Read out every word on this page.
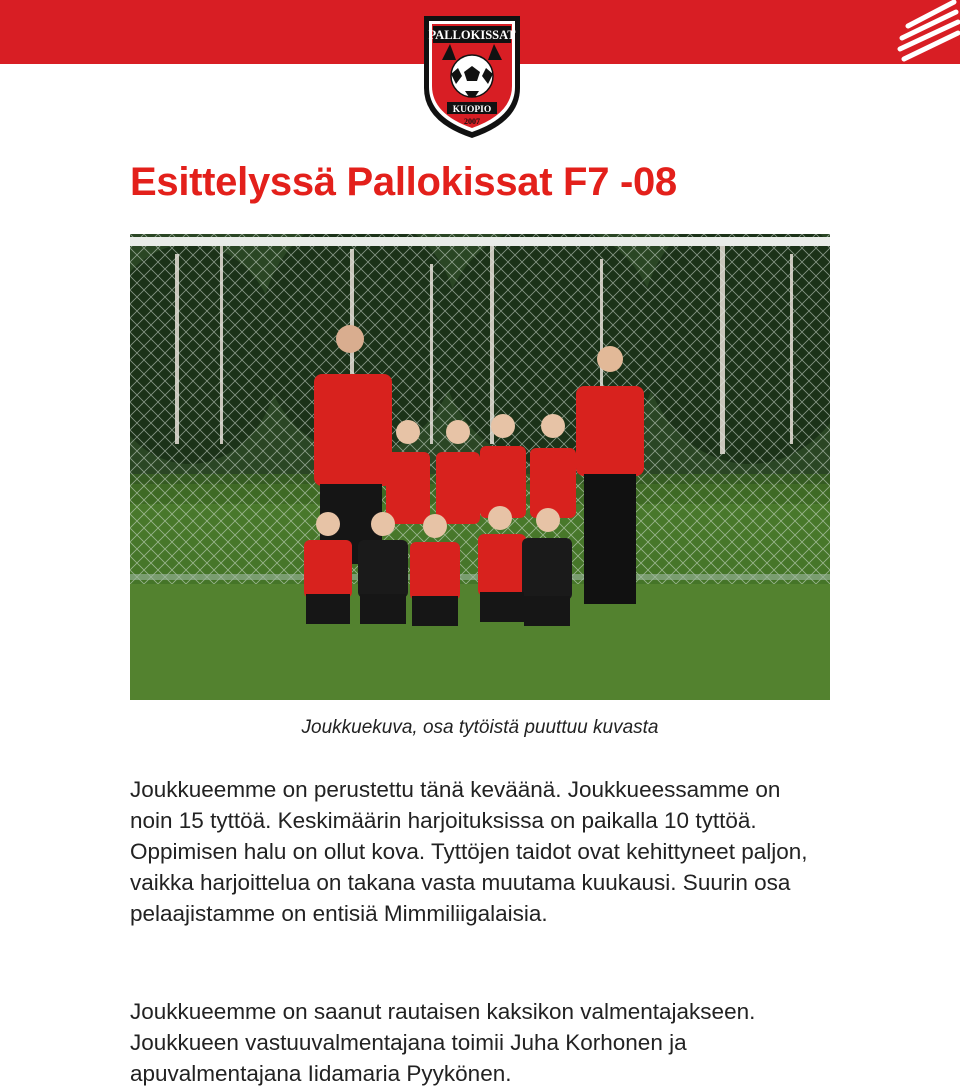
PALLOKISSAT
KUOPIO
2007
Esittelyssä Pallokissat F7 -08
Joukkuekuva, osa tytöistä puuttuu kuvasta

Joukkueemme on perustettu tänä keväänä. Joukkueessamme on noin 15 tyttöä. Keskimäärin harjoituksissa on paikalla 10 tyttöä. Oppimisen halu on ollut kova. Tyttöjen taidot ovat kehittyneet paljon, vaikka harjoittelua on takana vasta muutama kuukausi. Suurin osa pelaajistamme on entisiä Mimmiliigalaisia.

Joukkueemme on saanut rautaisen kaksikon valmentajakseen. Joukkueen vastuuvalmentajana toimii Juha Korhonen ja apuvalmentajana Iidamaria Pyykönen.
